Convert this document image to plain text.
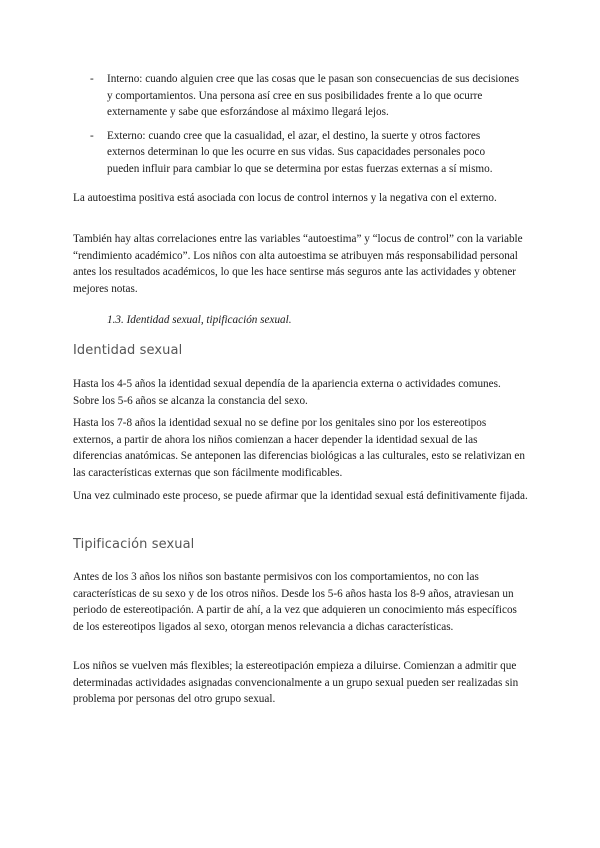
- Interno: cuando alguien cree que las cosas que le pasan son consecuencias de sus decisiones y comportamientos. Una persona así cree en sus posibilidades frente a lo que ocurre externamente y sabe que esforzándose al máximo llegará lejos.
- Externo: cuando cree que la casualidad, el azar, el destino, la suerte y otros factores externos determinan lo que les ocurre en sus vidas. Sus capacidades personales poco pueden influir para cambiar lo que se determina por estas fuerzas externas a sí mismo.

La autoestima positiva está asociada con locus de control internos y la negativa con el externo.

También hay altas correlaciones entre las variables “autoestima” y “locus de control” con la variable “rendimiento académico”. Los niños con alta autoestima se atribuyen más responsabilidad personal antes los resultados académicos, lo que les hace sentirse más seguros ante las actividades y obtener mejores notas.

1.3. Identidad sexual, tipificación sexual.

Identidad sexual

Hasta los 4-5 años la identidad sexual dependía de la apariencia externa o actividades comunes. Sobre los 5-6 años se alcanza la constancia del sexo.

Hasta los 7-8 años la identidad sexual no se define por los genitales sino por los estereotipos externos, a partir de ahora los niños comienzan a hacer depender la identidad sexual de las diferencias anatómicas. Se anteponen las diferencias biológicas a las culturales, esto se relativizan en las características externas que son fácilmente modificables.

Una vez culminado este proceso, se puede afirmar que la identidad sexual está definitivamente fijada.

Tipificación sexual

Antes de los 3 años los niños son bastante permisivos con los comportamientos, no con las características de su sexo y de los otros niños. Desde los 5-6 años hasta los 8-9 años, atraviesan un periodo de estereotipación. A partir de ahí, a la vez que adquieren un conocimiento más específicos de los estereotipos ligados al sexo, otorgan menos relevancia a dichas características.

Los niños se vuelven más flexibles; la estereotipación empieza a diluirse. Comienzan a admitir que determinadas actividades asignadas convencionalmente a un grupo sexual pueden ser realizadas sin problema por personas del otro grupo sexual.
